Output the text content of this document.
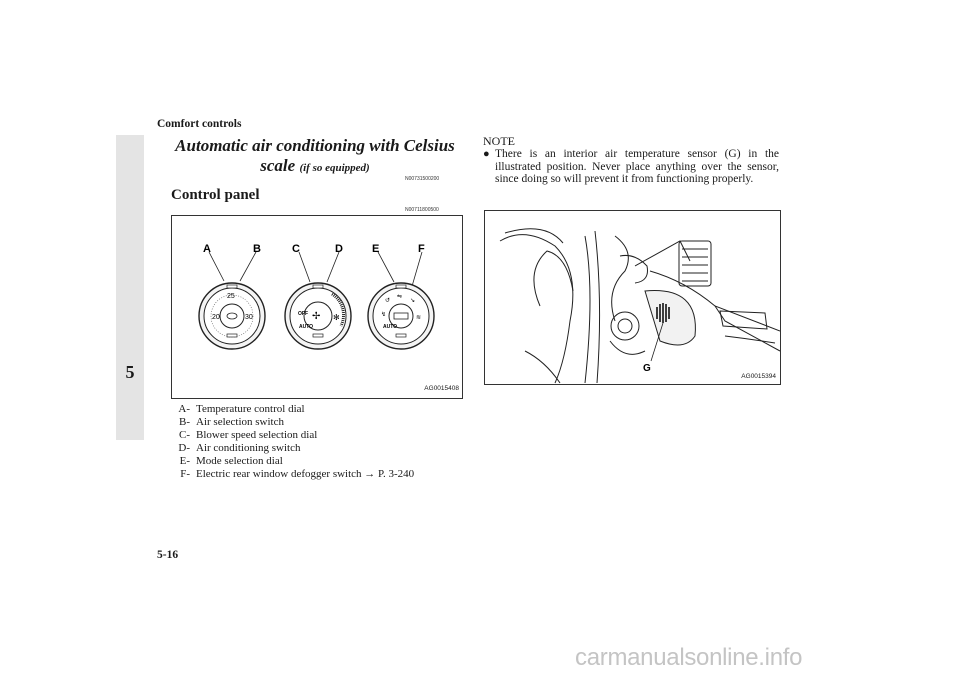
Comfort controls
5
Automatic air conditioning with Celsius scale (if so equipped)
N00731500200
Control panel
N00711800500
A	B	C	D	E	F
25
20	30	✢
OFF
AUTO
✻
↺
⇋
↘
↯	≋
AUTO
AG0015408
A- Temperature control dial
B- Air selection switch
C- Blower speed selection dial
D- Air conditioning switch
E- Mode selection dial
F- Electric rear window defogger switch → P. 3-240
NOTE
● There is an interior air temperature sensor (G) in the illustrated position. Never place anything over the sensor, since doing so will prevent it from functioning properly.
G
AG0015394
5-16
carmanualsonline.info
